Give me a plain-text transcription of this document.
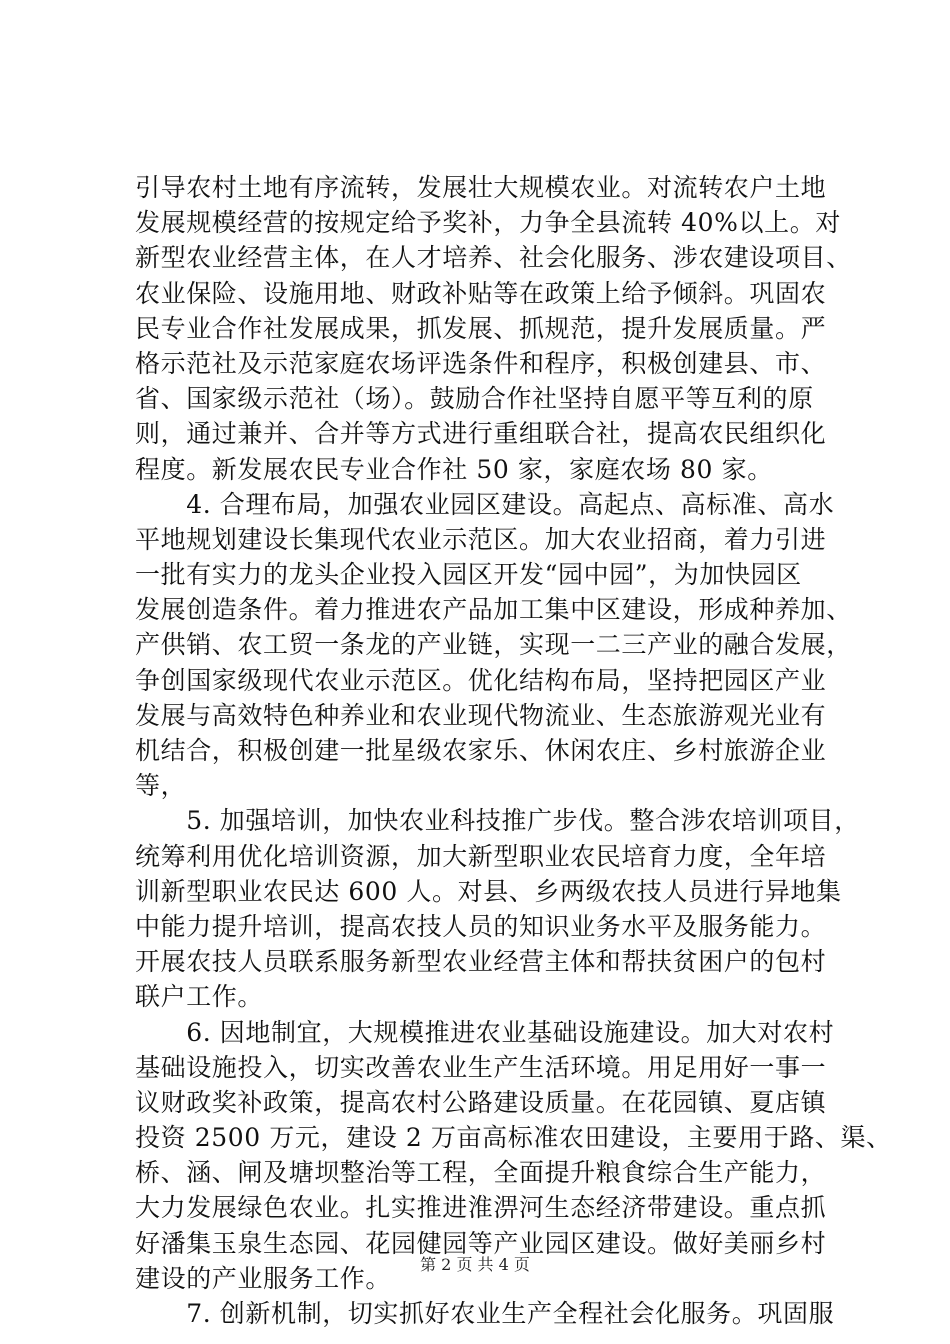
引导农村土地有序流转，发展壮大规模农业。对流转农户土地
发展规模经营的按规定给予奖补，力争全县流转 40%以上。对
新型农业经营主体，在人才培养、社会化服务、涉农建设项目、
农业保险、设施用地、财政补贴等在政策上给予倾斜。巩固农
民专业合作社发展成果，抓发展、抓规范，提升发展质量。严
格示范社及示范家庭农场评选条件和程序，积极创建县、市、
省、国家级示范社（场）。鼓励合作社坚持自愿平等互利的原
则，通过兼并、合并等方式进行重组联合社，提高农民组织化
程度。新发展农民专业合作社 50 家，家庭农场 80 家。
　　4. 合理布局，加强农业园区建设。高起点、高标准、高水
平地规划建设长集现代农业示范区。加大农业招商，着力引进
一批有实力的龙头企业投入园区开发“园中园”，为加快园区
发展创造条件。着力推进农产品加工集中区建设，形成种养加、
产供销、农工贸一条龙的产业链，实现一二三产业的融合发展，
争创国家级现代农业示范区。优化结构布局，坚持把园区产业
发展与高效特色种养业和农业现代物流业、生态旅游观光业有
机结合，积极创建一批星级农家乐、休闲农庄、乡村旅游企业
等，
　　5. 加强培训，加快农业科技推广步伐。整合涉农培训项目，
统筹利用优化培训资源，加大新型职业农民培育力度，全年培
训新型职业农民达 600 人。对县、乡两级农技人员进行异地集
中能力提升培训，提高农技人员的知识业务水平及服务能力。
开展农技人员联系服务新型农业经营主体和帮扶贫困户的包村
联户工作。
　　6. 因地制宜，大规模推进农业基础设施建设。加大对农村
基础设施投入，切实改善农业生产生活环境。用足用好一事一
议财政奖补政策，提高农村公路建设质量。在花园镇、夏店镇
投资 2500 万元，建设 2 万亩高标准农田建设，主要用于路、渠、
桥、涵、闸及塘坝整治等工程，全面提升粮食综合生产能力，
大力发展绿色农业。扎实推进淮淠河生态经济带建设。重点抓
好潘集玉泉生态园、花园健园等产业园区建设。做好美丽乡村
建设的产业服务工作。
　　7. 创新机制，切实抓好农业生产全程社会化服务。巩固服
第 2 页 共 4 页
